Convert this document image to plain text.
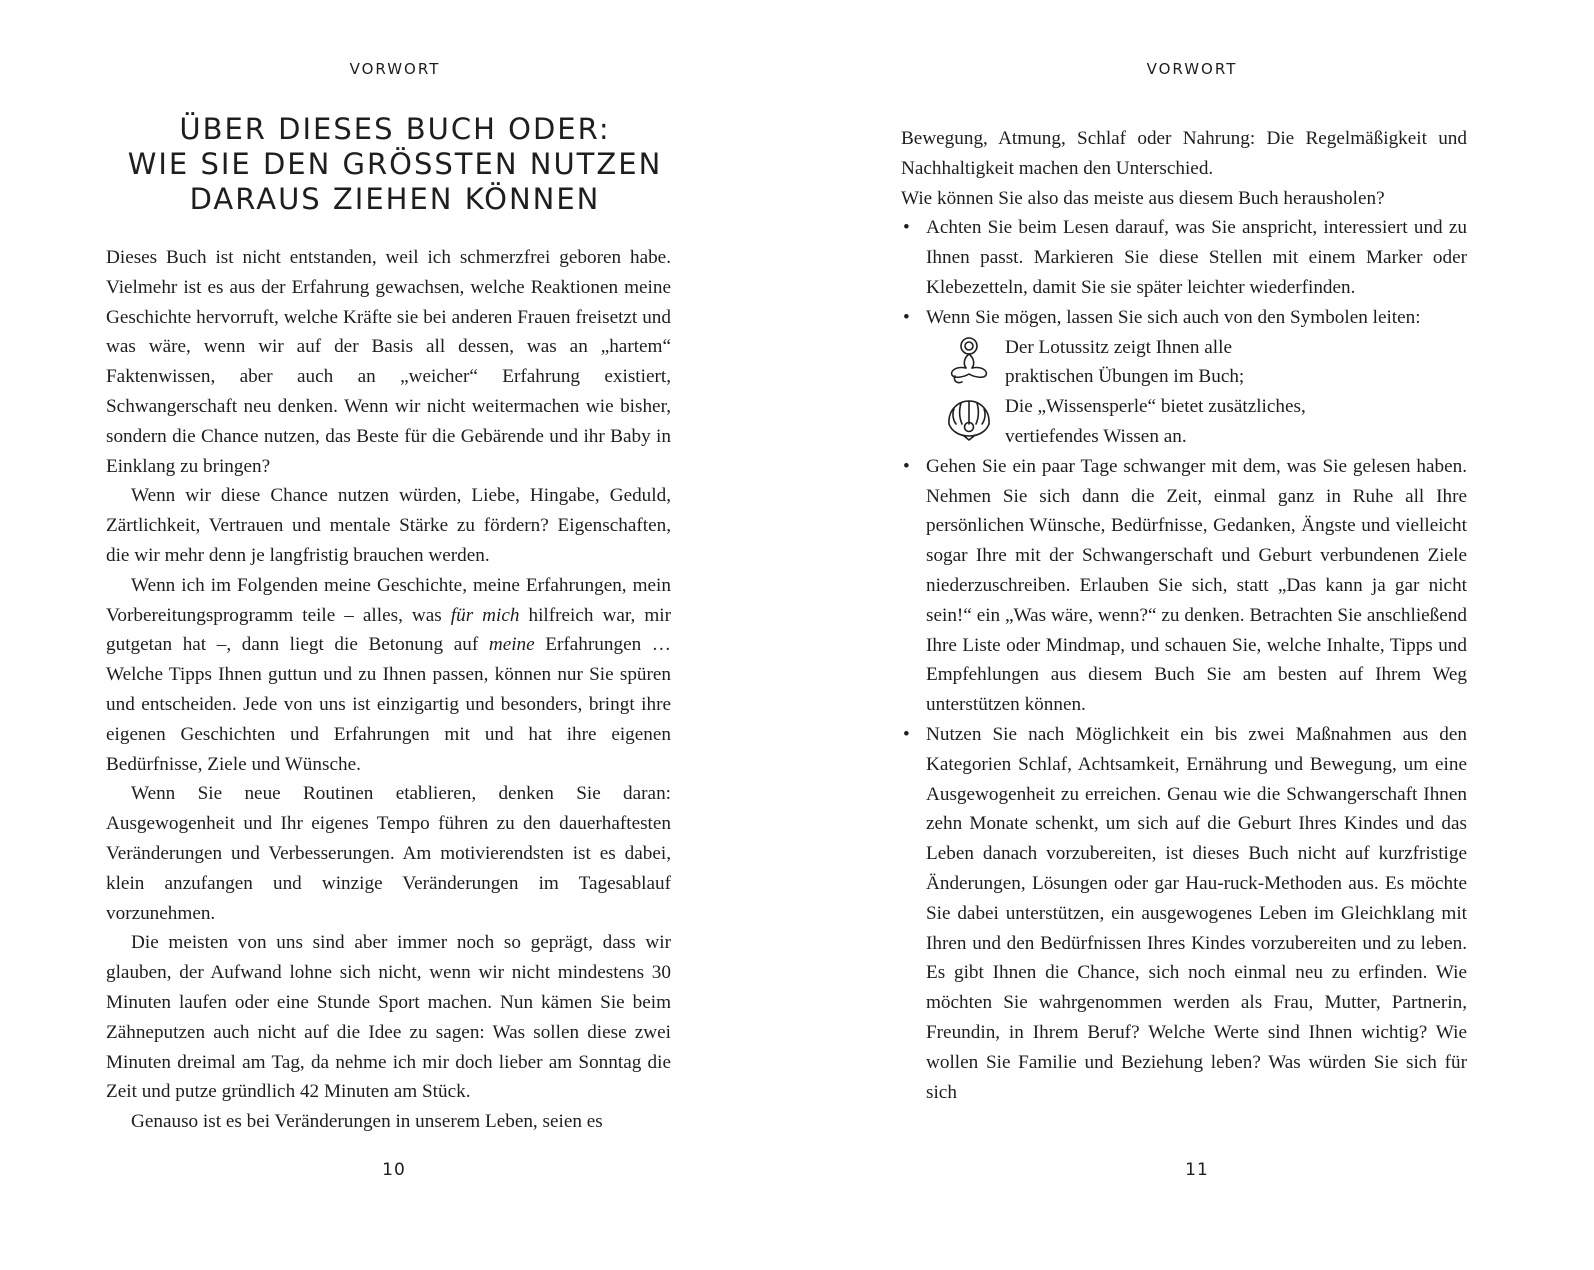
VORWORT
ÜBER DIESES BUCH ODER:
WIE SIE DEN GRÖSSTEN NUTZEN
DARAUS ZIEHEN KÖNNEN

Dieses Buch ist nicht entstanden, weil ich schmerzfrei geboren habe. Vielmehr ist es aus der Erfahrung gewachsen, welche Reaktionen meine Geschichte hervorruft, welche Kräfte sie bei anderen Frauen freisetzt und was wäre, wenn wir auf der Basis all dessen, was an „hartem“ Faktenwissen, aber auch an „weicher“ Erfahrung existiert, Schwangerschaft neu denken. Wenn wir nicht weitermachen wie bisher, sondern die Chance nutzen, das Beste für die Gebärende und ihr Baby in Einklang zu bringen?

Wenn wir diese Chance nutzen würden, Liebe, Hingabe, Geduld, Zärtlichkeit, Vertrauen und mentale Stärke zu fördern? Eigenschaften, die wir mehr denn je langfristig brauchen werden.

Wenn ich im Folgenden meine Geschichte, meine Erfahrungen, mein Vorbereitungsprogramm teile – alles, was für mich hilfreich war, mir gutgetan hat –, dann liegt die Betonung auf meine Erfahrungen … Welche Tipps Ihnen guttun und zu Ihnen passen, können nur Sie spüren und entscheiden. Jede von uns ist einzigartig und besonders, bringt ihre eigenen Geschichten und Erfahrungen mit und hat ihre eigenen Bedürfnisse, Ziele und Wünsche.

Wenn Sie neue Routinen etablieren, denken Sie daran: Ausgewogenheit und Ihr eigenes Tempo führen zu den dauerhaftesten Veränderungen und Verbesserungen. Am motivierendsten ist es dabei, klein anzufangen und winzige Veränderungen im Tagesablauf vorzunehmen.

Die meisten von uns sind aber immer noch so geprägt, dass wir glauben, der Aufwand lohne sich nicht, wenn wir nicht mindestens 30 Minuten laufen oder eine Stunde Sport machen. Nun kämen Sie beim Zähneputzen auch nicht auf die Idee zu sagen: Was sollen diese zwei Minuten dreimal am Tag, da nehme ich mir doch lieber am Sonntag die Zeit und putze gründlich 42 Minuten am Stück.

Genauso ist es bei Veränderungen in unserem Leben, seien es

10
VORWORT

Bewegung, Atmung, Schlaf oder Nahrung: Die Regelmäßigkeit und Nachhaltigkeit machen den Unterschied.

Wie können Sie also das meiste aus diesem Buch herausholen?

• Achten Sie beim Lesen darauf, was Sie anspricht, interessiert und zu Ihnen passt. Markieren Sie diese Stellen mit einem Marker oder Klebezetteln, damit Sie sie später leichter wiederfinden.
• Wenn Sie mögen, lassen Sie sich auch von den Symbolen leiten:
Der Lotussitz zeigt Ihnen alle
praktischen Übungen im Buch;
Die „Wissensperle“ bietet zusätzliches,
vertiefendes Wissen an.
• Gehen Sie ein paar Tage schwanger mit dem, was Sie gelesen haben. Nehmen Sie sich dann die Zeit, einmal ganz in Ruhe all Ihre persönlichen Wünsche, Bedürfnisse, Gedanken, Ängste und vielleicht sogar Ihre mit der Schwangerschaft und Geburt verbundenen Ziele niederzuschreiben. Erlauben Sie sich, statt „Das kann ja gar nicht sein!“ ein „Was wäre, wenn?“ zu denken. Betrachten Sie anschließend Ihre Liste oder Mindmap, und schauen Sie, welche Inhalte, Tipps und Empfehlungen aus diesem Buch Sie am besten auf Ihrem Weg unterstützen können.
• Nutzen Sie nach Möglichkeit ein bis zwei Maßnahmen aus den Kategorien Schlaf, Achtsamkeit, Ernährung und Bewegung, um eine Ausgewogenheit zu erreichen. Genau wie die Schwangerschaft Ihnen zehn Monate schenkt, um sich auf die Geburt Ihres Kindes und das Leben danach vorzubereiten, ist dieses Buch nicht auf kurzfristige Änderungen, Lösungen oder gar Hau-ruck-Methoden aus. Es möchte Sie dabei unterstützen, ein ausgewogenes Leben im Gleichklang mit Ihren und den Bedürfnissen Ihres Kindes vorzubereiten und zu leben. Es gibt Ihnen die Chance, sich noch einmal neu zu erfinden. Wie möchten Sie wahrgenommen werden als Frau, Mutter, Partnerin, Freundin, in Ihrem Beruf? Welche Werte sind Ihnen wichtig? Wie wollen Sie Familie und Beziehung leben? Was würden Sie sich für sich
11
